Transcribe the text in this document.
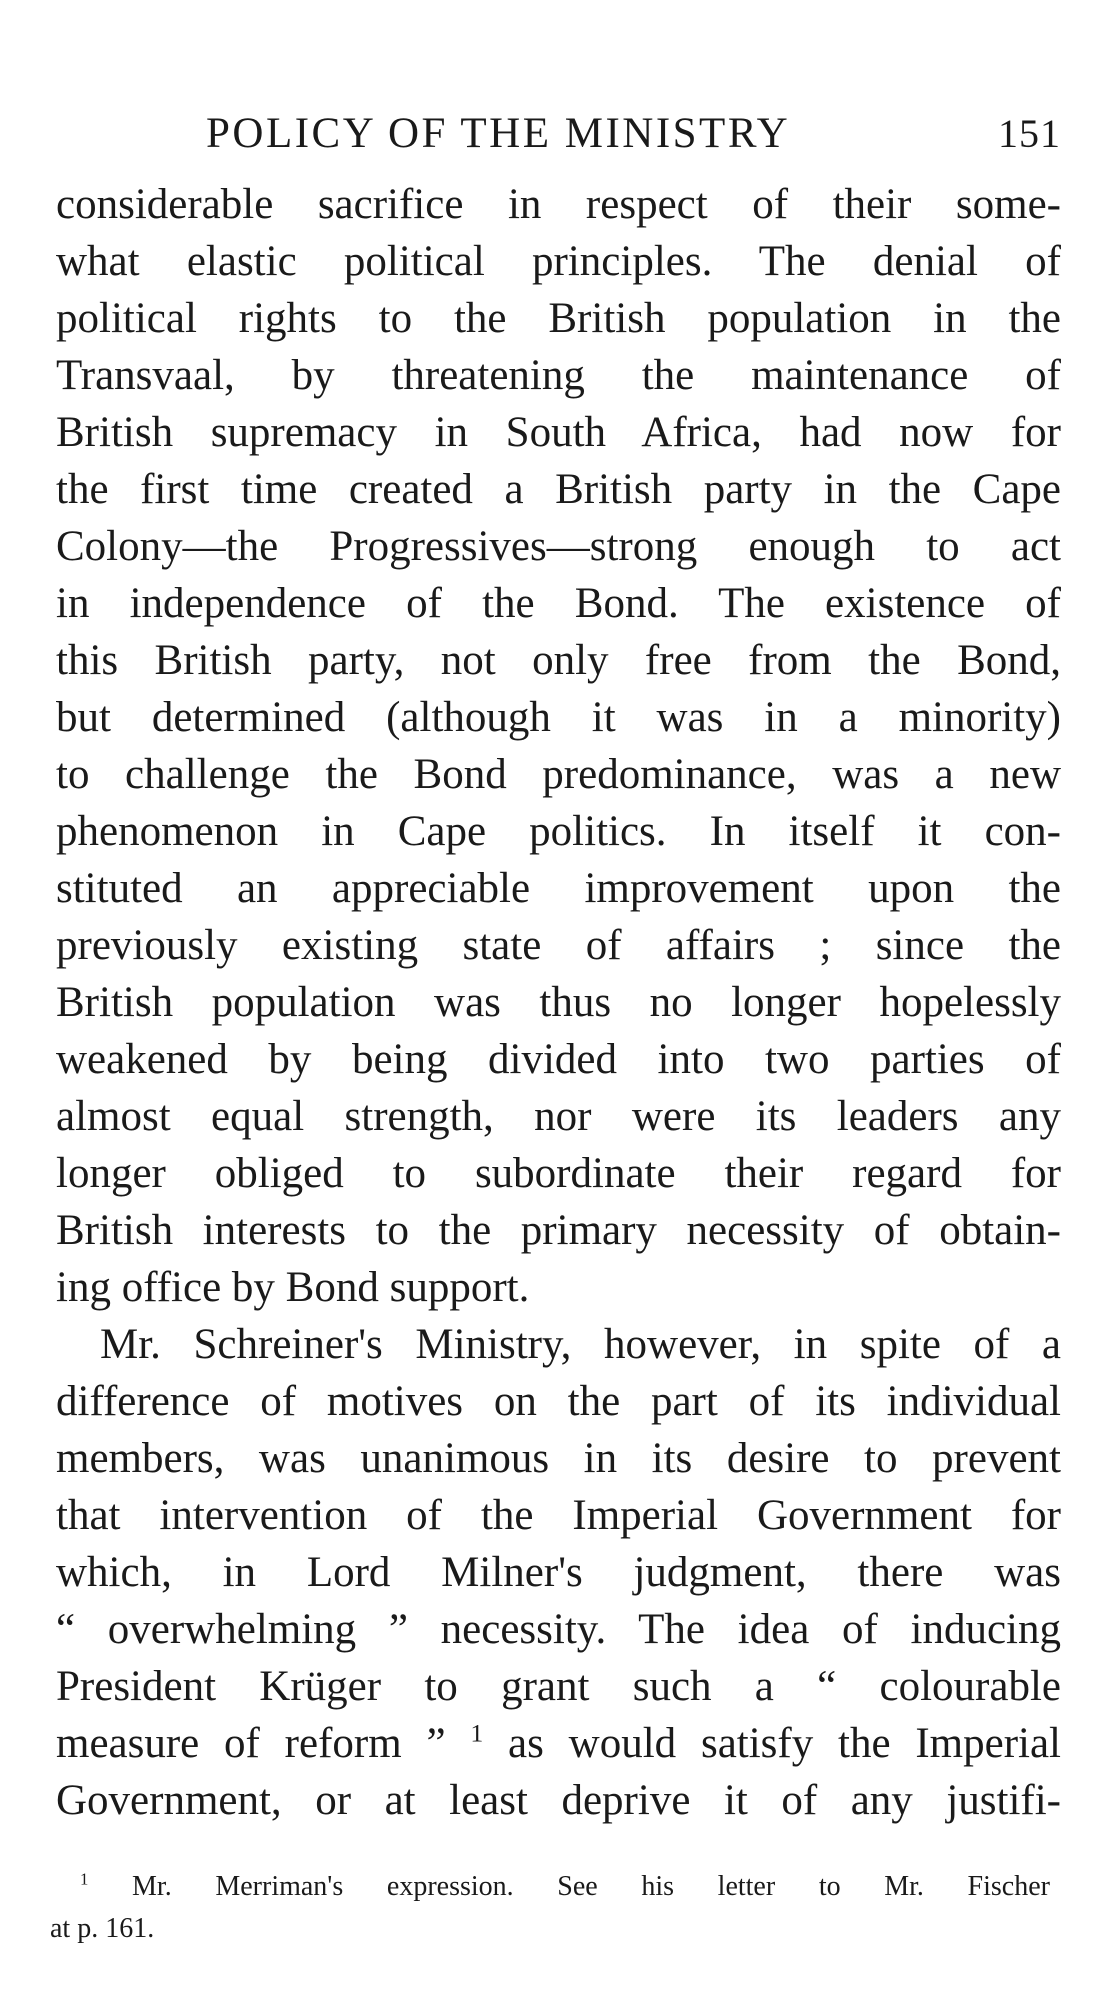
POLICY OF THE MINISTRY	151
considerable sacrifice in respect of their some-
what elastic political principles. The denial of
political rights to the British population in the
Transvaal, by threatening the maintenance of
British supremacy in South Africa, had now for
the first time created a British party in the Cape
Colony—the Progressives—strong enough to act
in independence of the Bond. The existence of
this British party, not only free from the Bond,
but determined (although it was in a minority)
to challenge the Bond predominance, was a new
phenomenon in Cape politics. In itself it con-
stituted an appreciable improvement upon the
previously existing state of affairs ; since the
British population was thus no longer hopelessly
weakened by being divided into two parties of
almost equal strength, nor were its leaders any
longer obliged to subordinate their regard for
British interests to the primary necessity of obtain-
ing office by Bond support.
Mr. Schreiner's Ministry, however, in spite of a
difference of motives on the part of its individual
members, was unanimous in its desire to prevent
that intervention of the Imperial Government for
which, in Lord Milner's judgment, there was
“ overwhelming ” necessity. The idea of inducing
President Krüger to grant such a “ colourable
measure of reform ” $^1$ as would satisfy the Imperial
Government, or at least deprive it of any justifi-
$^1$ Mr. Merriman's expression. See his letter to Mr. Fischer
at p. 161.
